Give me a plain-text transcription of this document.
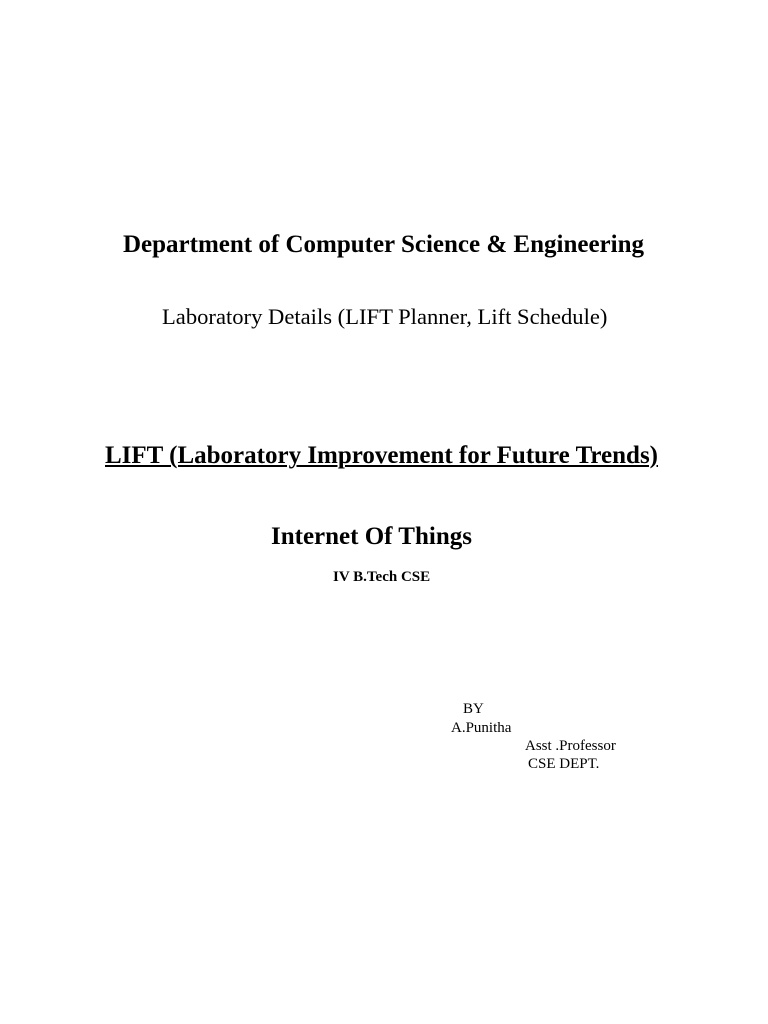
Department of Computer Science & Engineering
Laboratory Details (LIFT Planner, Lift Schedule)
LIFT (Laboratory Improvement for Future Trends)
Internet Of Things
IV B.Tech CSE
BY
A.Punitha
Asst .Professor
CSE DEPT.
